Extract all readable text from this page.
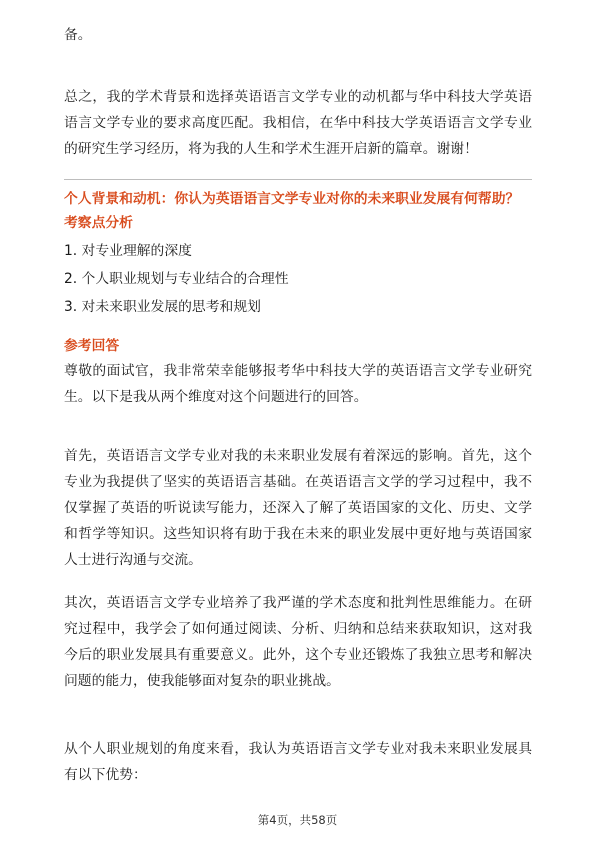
备。

总之，我的学术背景和选择英语语言文学专业的动机都与华中科技大学英语语言文学专业的要求高度匹配。我相信，在华中科技大学英语语言文学专业的研究生学习经历，将为我的人生和学术生涯开启新的篇章。谢谢！

个人背景和动机：你认为英语语言文学专业对你的未来职业发展有何帮助？

考察点分析

1. 对专业理解的深度

2. 个人职业规划与专业结合的合理性

3. 对未来职业发展的思考和规划

参考回答

尊敬的面试官，我非常荣幸能够报考华中科技大学的英语语言文学专业研究生。以下是我从两个维度对这个问题进行的回答。

首先，英语语言文学专业对我的未来职业发展有着深远的影响。首先，这个专业为我提供了坚实的英语语言基础。在英语语言文学的学习过程中，我不仅掌握了英语的听说读写能力，还深入了解了英语国家的文化、历史、文学和哲学等知识。这些知识将有助于我在未来的职业发展中更好地与英语国家人士进行沟通与交流。

其次，英语语言文学专业培养了我严谨的学术态度和批判性思维能力。在研究过程中，我学会了如何通过阅读、分析、归纳和总结来获取知识，这对我今后的职业发展具有重要意义。此外，这个专业还锻炼了我独立思考和解决问题的能力，使我能够面对复杂的职业挑战。

从个人职业规划的角度来看，我认为英语语言文学专业对我未来职业发展具有以下优势：

第4页，共58页
